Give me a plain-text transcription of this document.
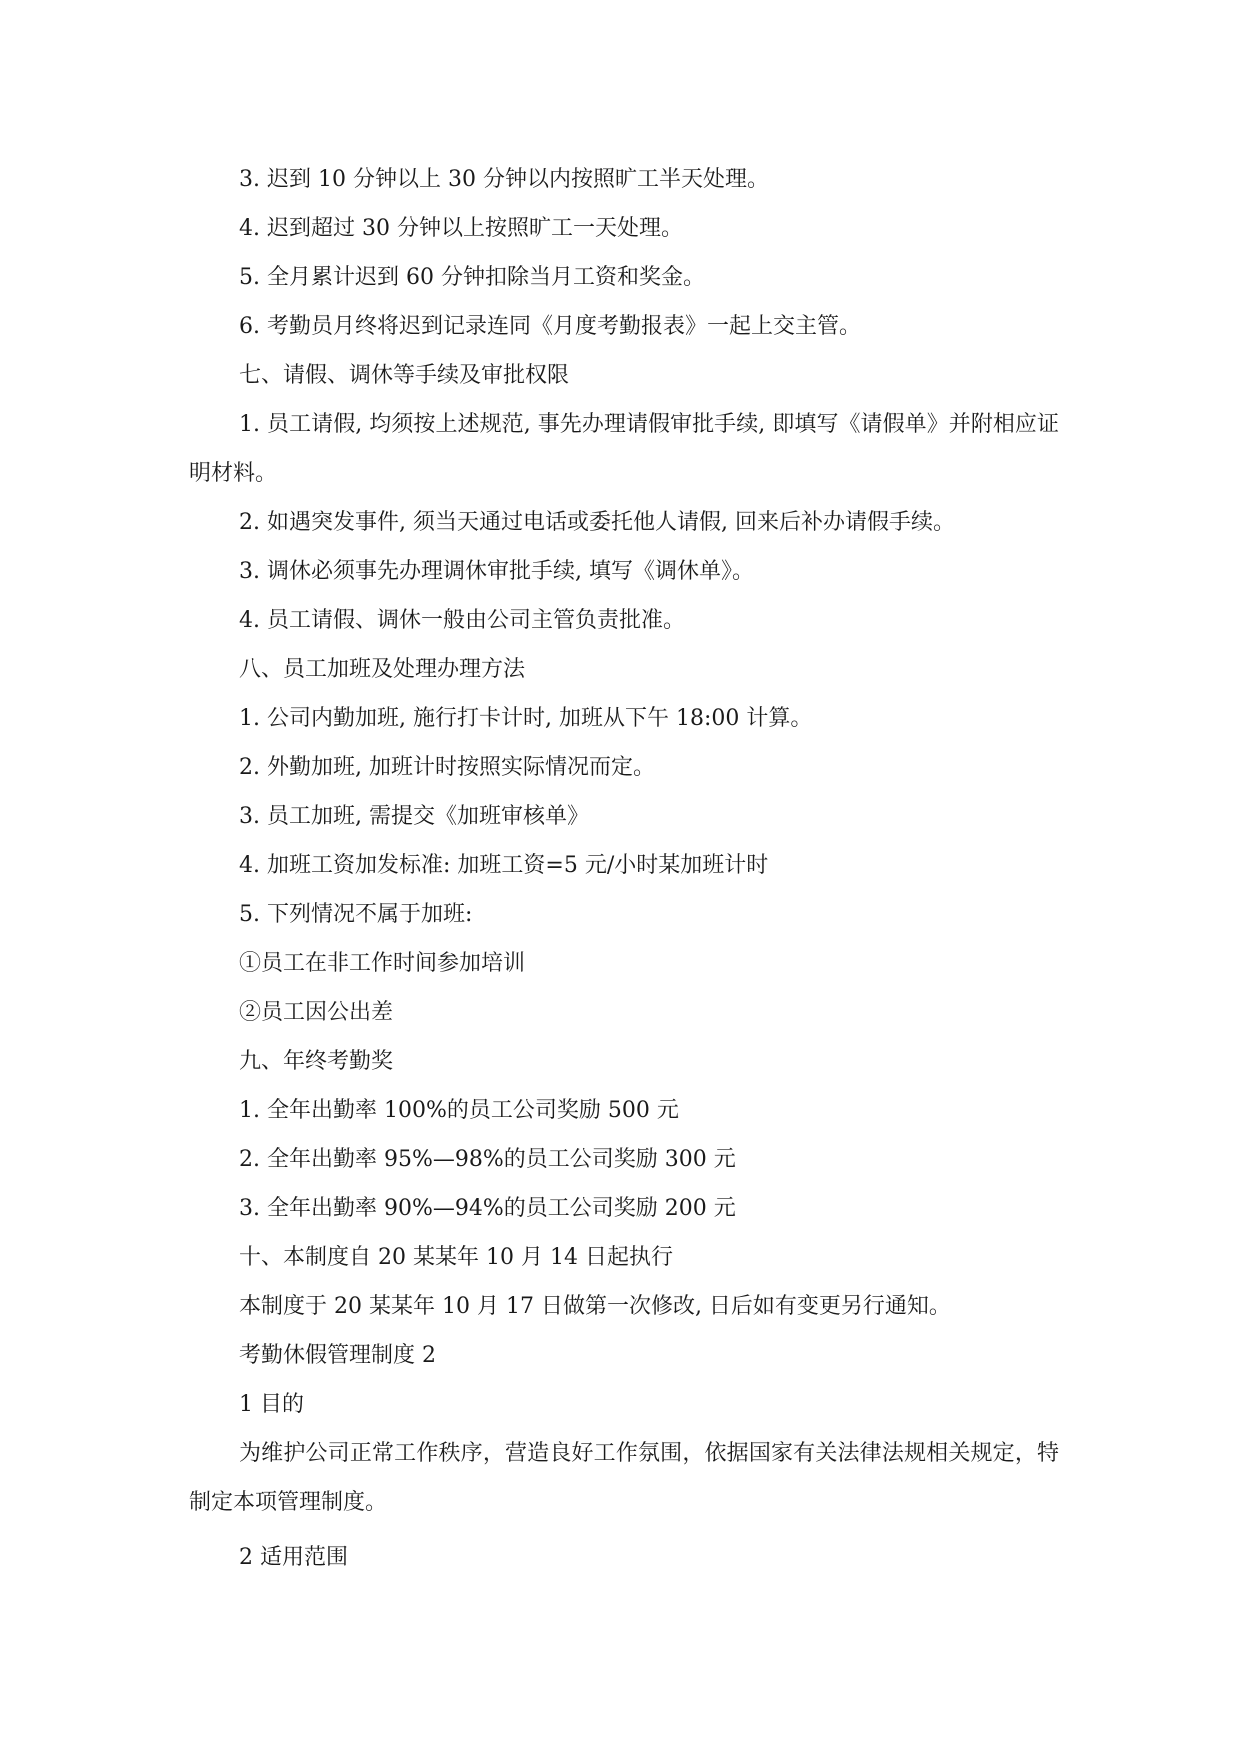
3. 迟到 10 分钟以上 30 分钟以内按照旷工半天处理。
4. 迟到超过 30 分钟以上按照旷工一天处理。
5. 全月累计迟到 60 分钟扣除当月工资和奖金。
6. 考勤员月终将迟到记录连同《月度考勤报表》一起上交主管。
七、请假、调休等手续及审批权限
1. 员工请假, 均须按上述规范, 事先办理请假审批手续, 即填写《请假单》并附相应证明材料。
2. 如遇突发事件, 须当天通过电话或委托他人请假, 回来后补办请假手续。
3. 调休必须事先办理调休审批手续, 填写《调休单》。
4. 员工请假、调休一般由公司主管负责批准。
八、员工加班及处理办理方法
1. 公司内勤加班, 施行打卡计时, 加班从下午 18:00 计算。
2. 外勤加班, 加班计时按照实际情况而定。
3. 员工加班, 需提交《加班审核单》
4. 加班工资加发标准: 加班工资=5 元/小时某加班计时
5. 下列情况不属于加班:
①员工在非工作时间参加培训
②员工因公出差
九、年终考勤奖
1. 全年出勤率 100%的员工公司奖励 500 元
2. 全年出勤率 95%—98%的员工公司奖励 300 元
3. 全年出勤率 90%—94%的员工公司奖励 200 元
十、本制度自 20 某某年 10 月 14 日起执行
本制度于 20 某某年 10 月 17 日做第一次修改, 日后如有变更另行通知。
考勤休假管理制度 2
1 目的
为维护公司正常工作秩序，营造良好工作氛围，依据国家有关法律法规相关规定，特制定本项管理制度。
2 适用范围
